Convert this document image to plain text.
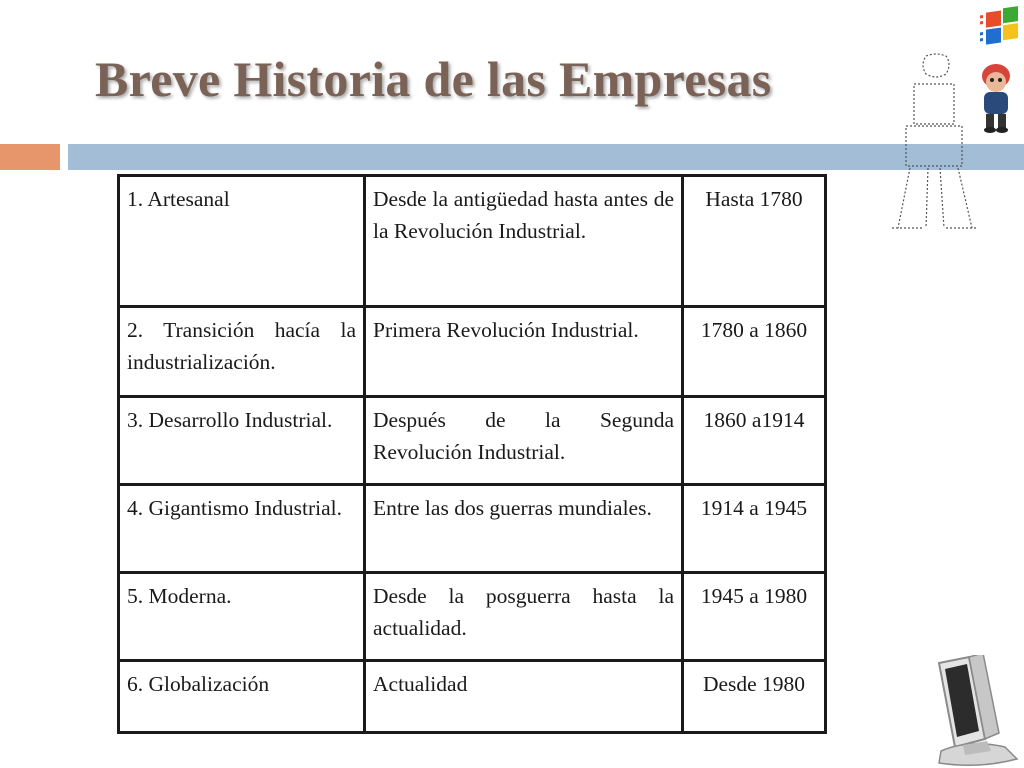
Breve Historia de las Empresas
1. Artesanal	Desde la antigüedad hasta antes de la Revolución Industrial.	Hasta 1780
2. Transición hacía la industrialización.	Primera Revolución Industrial.	1780 a 1860
3. Desarrollo Industrial.	Después de la Segunda Revolución Industrial.	1860 a1914
4. Gigantismo Industrial.	Entre las dos guerras mundiales.	1914 a 1945
5. Moderna.	Desde la posguerra hasta la actualidad.	1945 a 1980
6. Globalización	Actualidad	Desde 1980
